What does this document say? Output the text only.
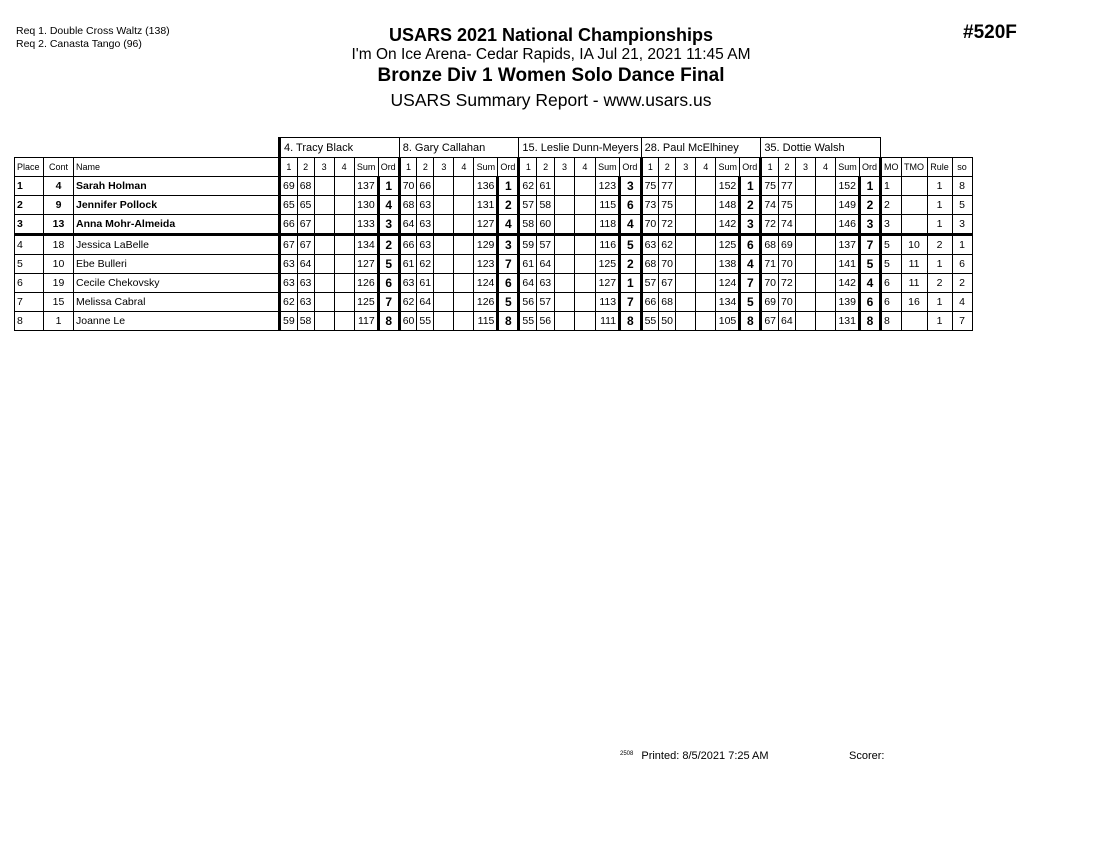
Req 1. Double Cross Waltz (138)
Req 2. Canasta Tango (96)
#520F
USARS 2021 National Championships
I'm On Ice Arena- Cedar Rapids, IA Jul 21, 2021 11:45 AM
Bronze Div 1 Women Solo Dance Final
USARS Summary Report - www.usars.us
			4. Tracy Black						8. Gary Callahan						15. Leslie Dunn-Meyers						28. Paul McElhiney						35. Dottie Walsh									
Place	Cont	Name	1	2	3	4	Sum	Ord	1	2	3	4	Sum	Ord	1	2	3	4	Sum	Ord	1	2	3	4	Sum	Ord	1	2	3	4	Sum	Ord	MO	TMO	Rule	so
1	4	Sarah Holman	69	68			137	1	70	66			136	1	62	61			123	3	75	77			152	1	75	77			152	1	1		1	8
2	9	Jennifer Pollock	65	65			130	4	68	63			131	2	57	58			115	6	73	75			148	2	74	75			149	2	2		1	5
3	13	Anna Mohr-Almeida	66	67			133	3	64	63			127	4	58	60			118	4	70	72			142	3	72	74			146	3	3		1	3
4	18	Jessica LaBelle	67	67			134	2	66	63			129	3	59	57			116	5	63	62			125	6	68	69			137	7	5	10	2	1
5	10	Ebe Bulleri	63	64			127	5	61	62			123	7	61	64			125	2	68	70			138	4	71	70			141	5	5	11	1	6
6	19	Cecile Chekovsky	63	63			126	6	63	61			124	6	64	63			127	1	57	67			124	7	70	72			142	4	6	11	2	2
7	15	Melissa Cabral	62	63			125	7	62	64			126	5	56	57			113	7	66	68			134	5	69	70			139	6	6	16	1	4
8	1	Joanne Le	59	58			117	8	60	55			115	8	55	56			111	8	55	50			105	8	67	64			131	8	8		1	7
$^{2508}$ Printed: 8/5/2021 7:25 AM	Scorer:
